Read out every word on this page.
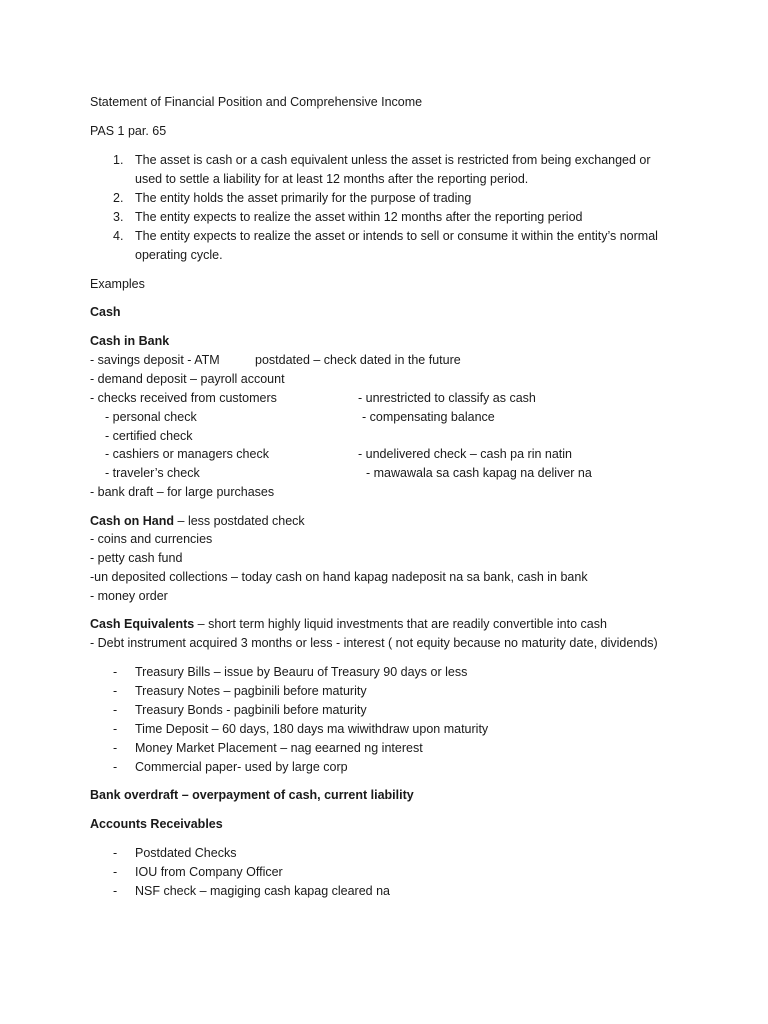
Statement of Financial Position and Comprehensive Income
PAS 1 par. 65
1. The asset is cash or a cash equivalent unless the asset is restricted from being exchanged or
used to settle a liability for at least 12 months after the reporting period.
2. The entity holds the asset primarily for the purpose of trading
3. The entity expects to realize the asset within 12 months after the reporting period
4. The entity expects to realize the asset or intends to sell or consume it within the entity’s normal
operating cycle.
Examples
Cash
Cash in Bank
- savings deposit - ATM	postdated – check dated in the future
- demand deposit – payroll account
- checks received from customers	- unrestricted to classify as cash
- personal check	- compensating balance
- certified check
- cashiers or managers check	- undelivered check – cash pa rin natin
- traveler’s check	- mawawala sa cash kapag na deliver na
- bank draft – for large purchases
Cash on Hand – less postdated check
- coins and currencies
- petty cash fund
-un deposited collections – today cash on hand kapag nadeposit na sa bank, cash in bank
- money order
Cash Equivalents – short term highly liquid investments that are readily convertible into cash
- Debt instrument acquired 3 months or less - interest ( not equity because no maturity date, dividends)
- Treasury Bills – issue by Beauru of Treasury 90 days or less
- Treasury Notes – pagbinili before maturity
- Treasury Bonds - pagbinili before maturity
- Time Deposit – 60 days, 180 days ma wiwithdraw upon maturity
- Money Market Placement – nag eearned ng interest
- Commercial paper- used by large corp
Bank overdraft – overpayment of cash, current liability
Accounts Receivables
- Postdated Checks
- IOU from Company Officer
- NSF check – magiging cash kapag cleared na
